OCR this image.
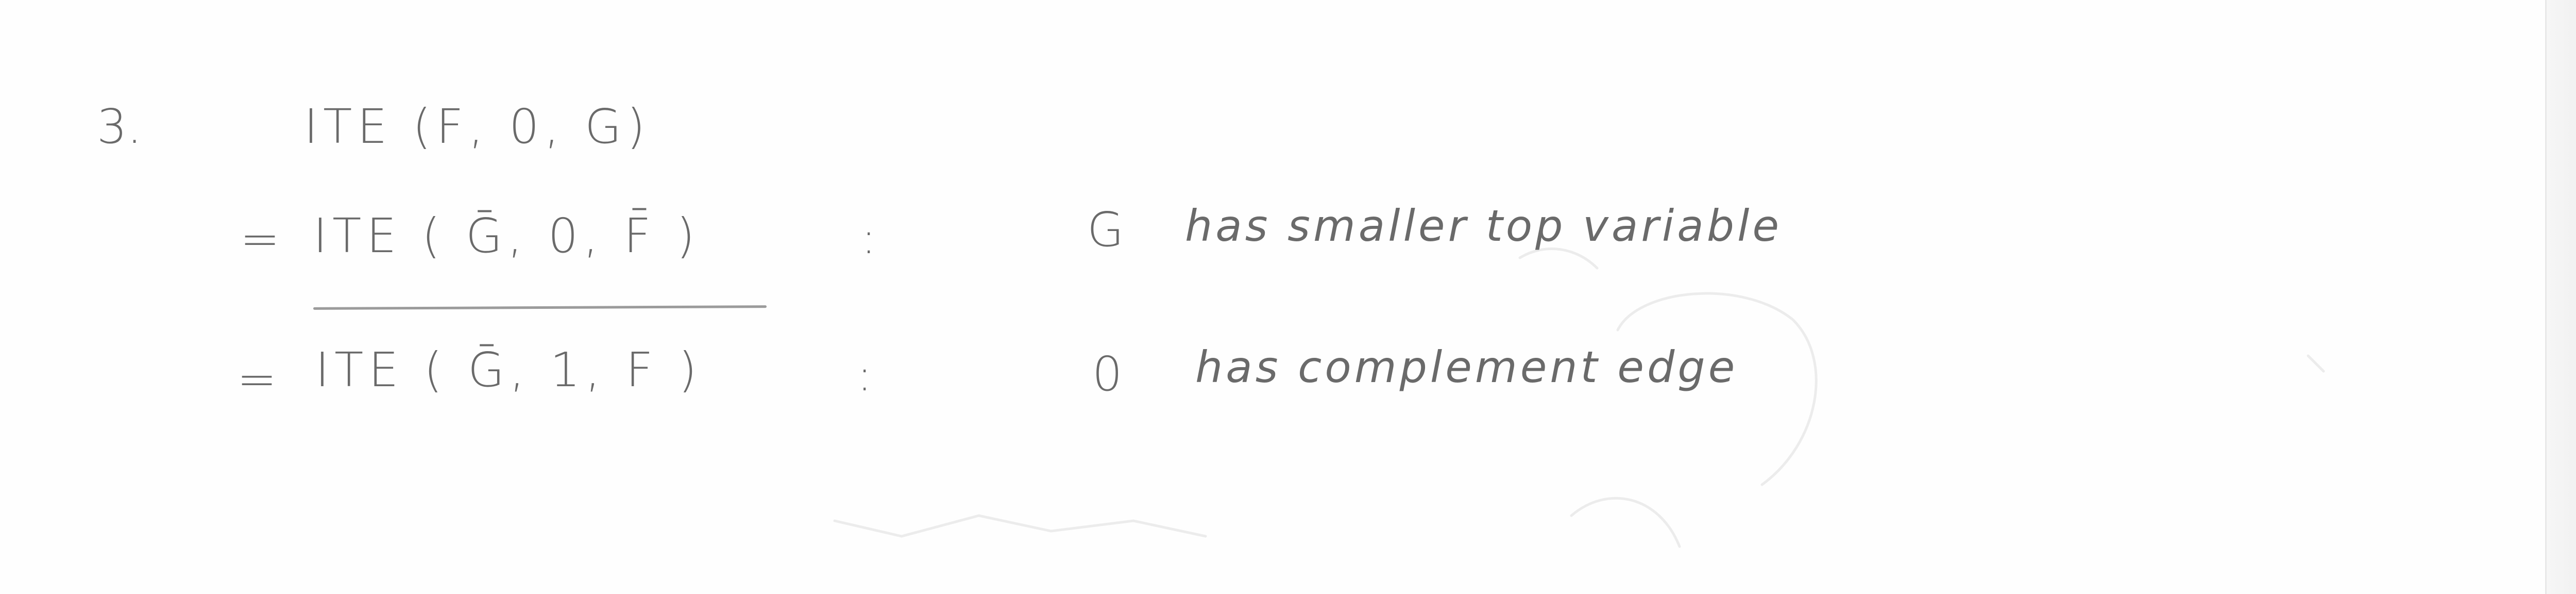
3.	ITE (F, 0, G)
= ITE ( Ḡ, 0, F̄ )	:	G has smaller top variable
= ITE ( Ḡ, 1, F )	:	0 has complement edge
